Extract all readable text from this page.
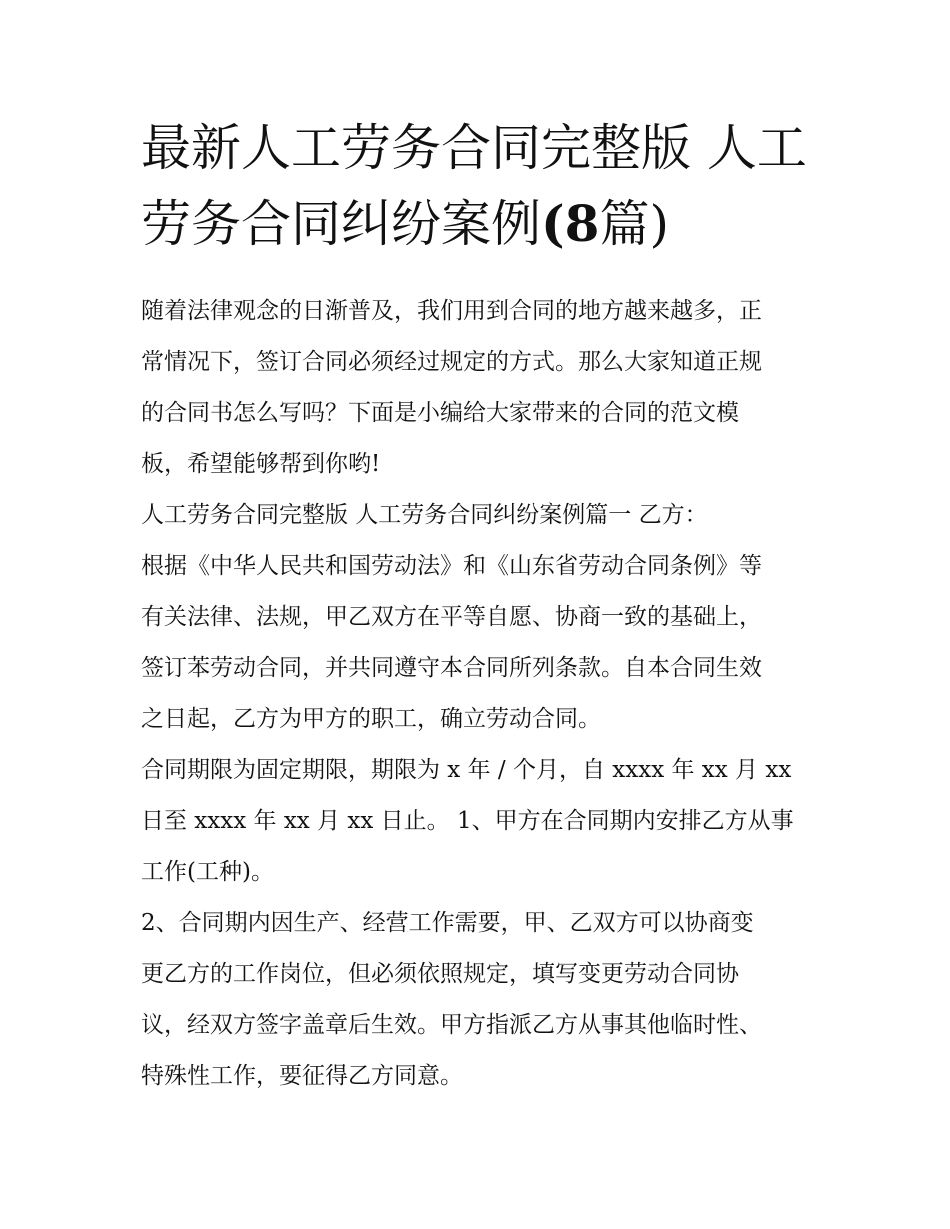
最新人工劳务合同完整版 人工
劳务合同纠纷案例(8篇)

随着法律观念的日渐普及，我们用到合同的地方越来越多，正
常情况下，签订合同必须经过规定的方式。那么大家知道正规
的合同书怎么写吗？下面是小编给大家带来的合同的范文模
板，希望能够帮到你哟!

人工劳务合同完整版 人工劳务合同纠纷案例篇一 乙方：

根据《中华人民共和国劳动法》和《山东省劳动合同条例》等
有关法律、法规，甲乙双方在平等自愿、协商一致的基础上，
签订苯劳动合同，并共同遵守本合同所列条款。自本合同生效
之日起，乙方为甲方的职工，确立劳动合同。

合同期限为固定期限，期限为 x 年 / 个月，自 xxxx 年 xx 月 xx
日至 xxxx 年 xx 月 xx 日止。 1、甲方在合同期内安排乙方从事
工作(工种)。

2、合同期内因生产、经营工作需要，甲、乙双方可以协商变
更乙方的工作岗位，但必须依照规定，填写变更劳动合同协
议，经双方签字盖章后生效。甲方指派乙方从事其他临时性、
特殊性工作，要征得乙方同意。
